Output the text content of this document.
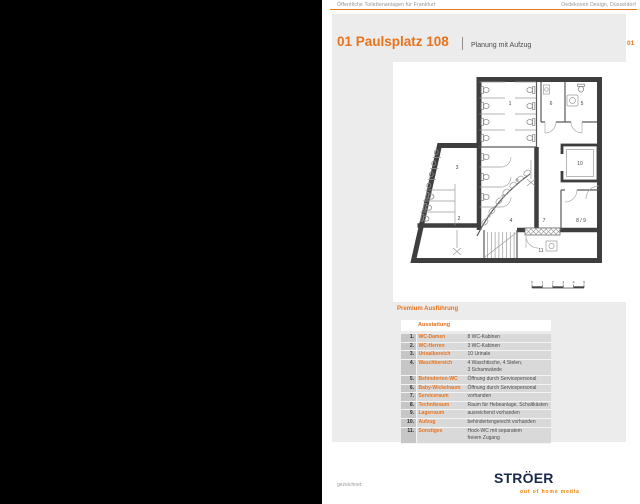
Öffentliche Toilettenanlagen für Frankfurt	Oedekoven Design, Düsseldorf
01 Paulsplatz 108	Planung mit Aufzug	01
0 1 2 3 4 5
1	6	5
10
3
2	4	7	8 / 9
11
Premium Ausführung
Ausstattung
1. WC-Damen	8 WC-Kabinen
2. WC-Herren	3 WC-Kabinen
3. Urinalbereich	10 Urinale
4. Waschbereich	4 Waschtische, 4 Stelen,
3 Schamwände
5. Behinderten-WC	Öffnung durch Servicepersonal
6. Baby-Wickelraum	Öffnung durch Servicepersonal
7. Serviceraum	vorhanden
8. Technikraum	Raum für Hebeanlage, Schaltkästen
9. Lagerraum	ausreichend vorhanden
10. Aufzug	behindertengerecht vorhanden
11. Sonstiges	Hock-WC mit separatem
freiem Zugang
gezeichnet:	STRÖER
out of home media
